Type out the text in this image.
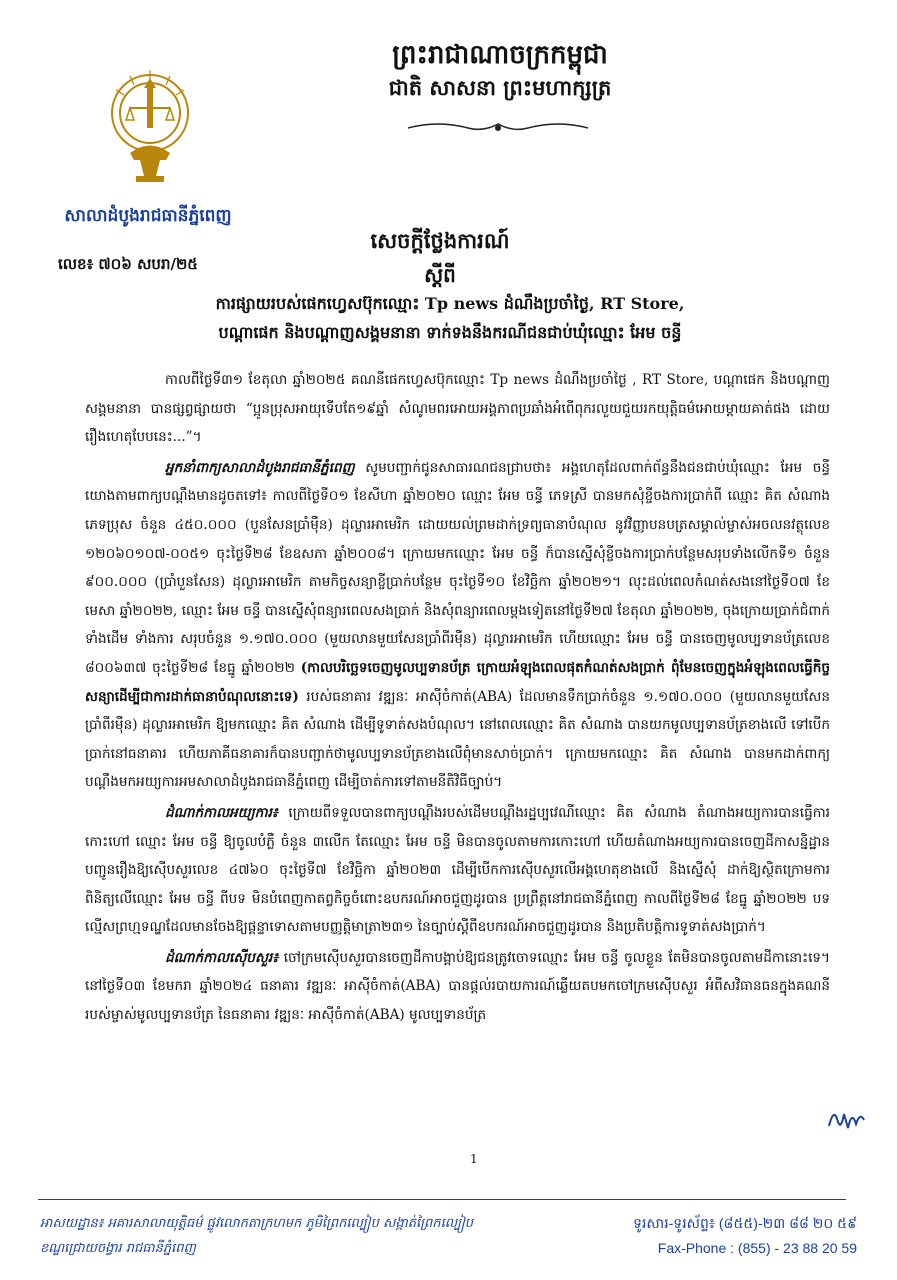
សាលាដំបូងរាជធានីភ្នំពេញ
លេខ៖ ៧០៦ សបរា/២៥
ព្រះរាជាណាចក្រកម្ពុជា
ជាតិ សាសនា ព្រះមហាក្សត្រ
សេចក្តីថ្លែងការណ៍
ស្តីពី
ការផ្សាយរបស់ផេកហ្វេសប៊ុកឈ្មោះ Tp news ដំណឹងប្រចាំថ្ងៃ, RT Store,
បណ្តាផេក និងបណ្តាញសង្គមនានា ទាក់ទងនឹងករណីជនជាប់ឃុំឈ្មោះ អែម ចន្ធី

កាលពីថ្ងៃទី៣១ ខែតុលា ឆ្នាំ២០២៥ គណនីផេកហ្វេសប៊ុកឈ្មោះ Tp news ដំណឹងប្រចាំថ្ងៃ , RT Store, បណ្តាផេក និងបណ្តាញសង្គមនានា បានផ្សព្វផ្សាយថា “ប្អូនប្រុសអាយុទើបតែ១៩ឆ្នាំ សំណូមពរអោយអង្គភាពប្រឆាំងអំពើពុករលួយជួយរកយុត្តិធម៌អោយម្តាយគាត់ផង ដោយរឿងហេតុបែបនេះ...”។

អ្នកនាំពាក្យសាលាដំបូងរាជធានីភ្នំពេញ សូមបញ្ជាក់ជូនសាធារណជនជ្រាបថា៖ អង្គហេតុដែលពាក់ព័ន្ធនឹងជនជាប់ឃុំឈ្មោះ អែម ចន្ធី យោងតាមពាក្យបណ្តឹងមានដូចតទៅ៖ កាលពីថ្ងៃទី០១ ខែសីហា ឆ្នាំ២០២០ ឈ្មោះ អែម ចន្ធី ភេទស្រី បានមកសុំខ្ចីចងការប្រាក់ពី ឈ្មោះ គិត សំណាង ភេទប្រុស ចំនួន ៤៥០.០០០ (បួនសែនប្រាំម៉ឺន) ដុល្លារអាមេរិក ដោយយល់ព្រមដាក់ទ្រព្យធានាបំណុល នូវវិញ្ញាបនបត្រសម្គាល់ម្ចាស់អចលនវត្ថុលេខ ១២០៦០១០៧-០០៥១ ចុះថ្ងៃទី២៨ ខែឧសភា ឆ្នាំ២០០៨។ ក្រោយមកឈ្មោះ អែម ចន្ធី ក៏បានស្នើសុំខ្ចីចងការប្រាក់បន្ថែមសរុបទាំងលើកទី១ ចំនួន ៩០០.០០០ (ប្រាំបួនសែន) ដុល្លារអាមេរិក តាមកិច្ចសន្យាខ្ចីប្រាក់បន្ថែម ចុះថ្ងៃទី១០ ខែវិច្ឆិកា ឆ្នាំ២០២១។ លុះដល់ពេលកំណត់សងនៅថ្ងៃទី០៧ ខែមេសា ឆ្នាំ២០២២, ឈ្មោះ អែម ចន្ធី បានស្នើសុំពន្យារពេលសងប្រាក់ និងសុំពន្យារពេលម្តងទៀតនៅថ្ងៃទី២៧ ខែតុលា ឆ្នាំ២០២២, ចុងក្រោយប្រាក់ជំពាក់ទាំងដើម ទាំងការ សរុបចំនួន ១.១៧០.០០០ (មួយលានមួយសែនប្រាំពីរម៉ឺន) ដុល្លារអាមេរិក ហើយឈ្មោះ អែម ចន្ធី បានចេញមូលប្បទានប័ត្រលេខ ៨០០៦៣៧ ចុះថ្ងៃទី២៨ ខែធ្នូ ឆ្នាំ២០២២ (កាលបរិច្ឆេទចេញមូលប្បទានប័ត្រ ក្រោយអំឡុងពេលផុតកំណត់សងប្រាក់ ពុំមែនចេញក្នុងអំឡុងពេលធ្វើកិច្ចសន្យាដើម្បីជាការដាក់ធានាបំណុលនោះទេ) របស់ធនាគារ វឌ្ឍនៈ អាស៊ីចំកាត់(ABA) ដែលមានទឹកប្រាក់ចំនួន ១.១៧០.០០០ (មួយលានមួយសែនប្រាំពីរម៉ឺន) ដុល្លារអាមេរិក ឱ្យមកឈ្មោះ គិត សំណាង ដើម្បីទូទាត់សងបំណុល។ នៅពេលឈ្មោះ គិត សំណាង បានយកមូលប្បទានប័ត្រខាងលើ ទៅបើកប្រាក់នៅធនាគារ ហើយភាគីធនាគារក៏បានបញ្ជាក់ថាមូលប្បទានប័ត្រខាងលើពុំមានសាច់ប្រាក់។ ក្រោយមកឈ្មោះ គិត សំណាង បានមកដាក់ពាក្យបណ្តឹងមកអយ្យការអមសាលាដំបូងរាជធានីភ្នំពេញ ដើម្បីចាត់ការទៅតាមនីតិវិធីច្បាប់។

ដំណាក់កាលអយ្យការ៖ ក្រោយពីទទួលបានពាក្យបណ្តឹងរបស់ដើមបណ្តឹងរដ្ឋប្បវេណីឈ្មោះ គិត សំណាង តំណាងអយ្យការបានធ្វើការកោះហៅ ឈ្មោះ អែម ចន្ធី ឱ្យចូលបំភ្លឺ ចំនួន ៣លើក តែឈ្មោះ អែម ចន្ធី មិនបានចូលតាមការកោះហៅ ហើយតំណាងអយ្យការបានចេញដីកាសន្និដ្ឋានបញ្ជូនរឿងឱ្យស៊ើបសួរលេខ ៤៧៦០ ចុះថ្ងៃទី៧ ខែវិច្ឆិកា ឆ្នាំ២០២៣ ដើម្បីបើកការស៊ើបសួរលើអង្គហេតុខាងលើ និងស្នើសុំ ដាក់ឱ្យស្ថិតក្រោមការពិនិត្យលើឈ្មោះ អែម ចន្ធី ពីបទ មិនបំពេញកាតព្វកិច្ចចំពោះឧបករណ៍អាចជួញដូរបាន ប្រព្រឹត្តនៅរាជធានីភ្នំពេញ កាលពីថ្ងៃទី២៨ ខែធ្នូ ឆ្នាំ២០២២ បទល្មើសព្រហ្មទណ្ឌដែលមានចែងឱ្យផ្តន្ទាទោសតាមបញ្ញត្តិមាត្រា២៣១ នៃច្បាប់ស្តីពីឧបករណ៍អាចជួញដូរបាន និងប្រតិបត្តិការទូទាត់សងប្រាក់។

ដំណាក់កាលស៊ើបសួរ៖ ចៅក្រមស៊ើបសួរបានចេញដីកាបង្គាប់ឱ្យជនត្រូវចោទឈ្មោះ អែម ចន្ធី ចូលខ្លួន តែមិនបានចូលតាមដីកានោះទេ។ នៅថ្ងៃទី០៣ ខែមករា ឆ្នាំ២០២៤ ធនាគារ វឌ្ឍនៈ អាស៊ីចំកាត់(ABA) បានផ្តល់របាយការណ៍ឆ្លើយតបមកចៅក្រមស៊ើបសួរ អំពីសវិធានធនក្នុងគណនីរបស់ម្ចាស់មូលប្បទានប័ត្រ នៃធនាគារ វឌ្ឍនៈ អាស៊ីចំកាត់(ABA) មូលប្បទានប័ត្រ

1
អាសយដ្ឋាន៖ អគារសាលាយុត្តិធម៌ ផ្លូវលោកតាក្រហមក ភូមិព្រៃកល្បៀប សង្កាត់ព្រៃកល្បៀប
ខណ្ឌជ្រោយចង្វារ រាជធានីភ្នំពេញ
ទូរសារ-ទូរស័ព្ទ៖ (៨៥៥)-២៣ ៨៨ ២០ ៥៩
Fax-Phone : (855) - 23 88 20 59
